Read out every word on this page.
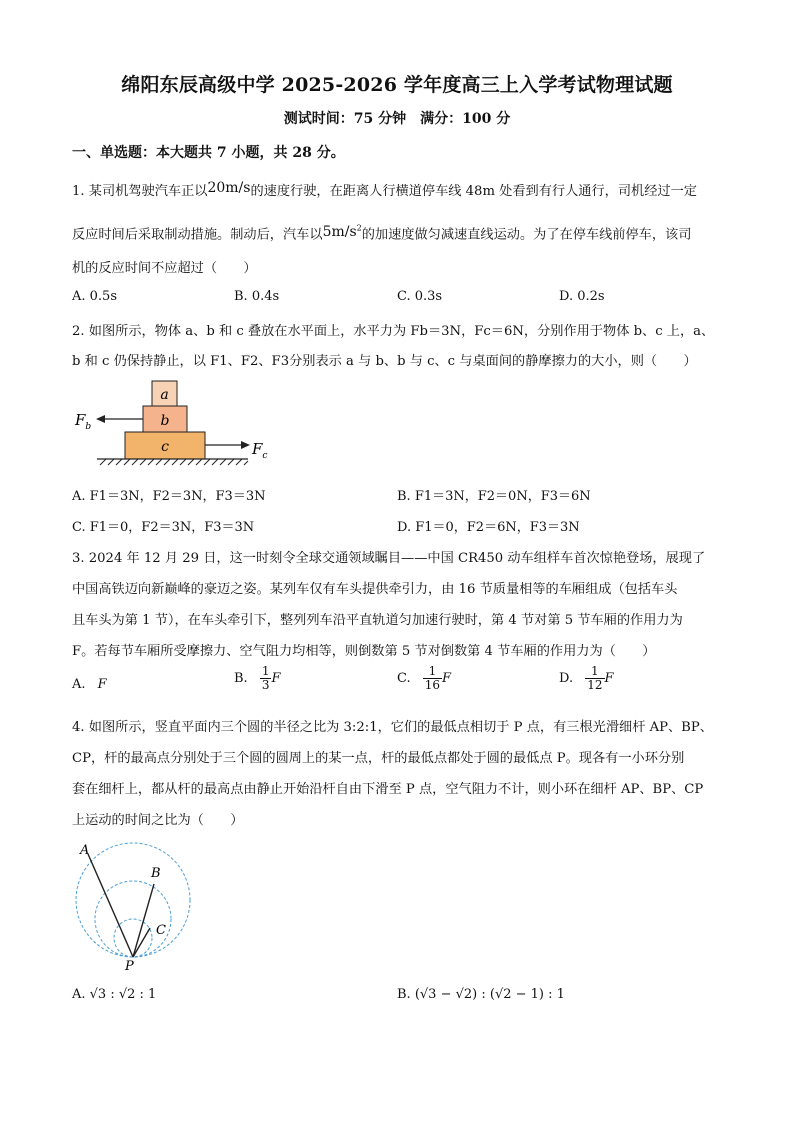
绵阳东辰高级中学 2025-2026 学年度高三上入学考试物理试题
测试时间：75 分钟　满分：100 分
一、单选题：本大题共 7 小题，共 28 分。
1. 某司机驾驶汽车正以20m/s的速度行驶，在距离人行横道停车线 48m 处看到有行人通行，司机经过一定
反应时间后采取制动措施。制动后，汽车以$5m/s^2$的加速度做匀减速直线运动。为了在停车线前停车，该司
机的反应时间不应超过（　　）
A. 0.5s	B. 0.4s	C. 0.3s	D. 0.2s
2. 如图所示，物体 a、b 和 c 叠放在水平面上，水平力为 Fb＝3N，Fc＝6N，分别作用于物体 b、c 上，a、
b 和 c 仍保持静止，以 F1、F2、F3分别表示 a 与 b、b 与 c、c 与桌面间的静摩擦力的大小，则（　　）
a
b
c
$F_b$
$F_c$
A. F1＝3N，F2＝3N，F3＝3N	B. F1＝3N，F2＝0N，F3＝6N
C. F1＝0，F2＝3N，F3＝3N	D. F1＝0，F2＝6N，F3＝3N
3. 2024 年 12 月 29 日，这一时刻令全球交通领域瞩目——中国 CR450 动车组样车首次惊艳登场，展现了
中国高铁迈向新巅峰的豪迈之姿。某列车仅有车头提供牵引力，由 16 节质量相等的车厢组成（包括车头
且车头为第 1 节），在车头牵引下，整列列车沿平直轨道匀加速行驶时，第 4 节对第 5 节车厢的作用力为
F。若每节车厢所受摩擦力、空气阻力均相等，则倒数第 5 节对倒数第 4 节车厢的作用力为（　　）
A. F	B. $\frac{1}{3}$ F	C. $\frac{1}{16}$ F	D. $\frac{1}{12}$ F
4. 如图所示，竖直平面内三个圆的半径之比为 3:2:1，它们的最低点相切于 P 点，有三根光滑细杆 AP、BP、
CP，杆的最高点分别处于三个圆的圆周上的某一点，杆的最低点都处于圆的最低点 P。现各有一小环分别
套在细杆上，都从杆的最高点由静止开始沿杆自由下滑至 P 点，空气阻力不计，则小环在细杆 AP、BP、CP
上运动的时间之比为（　　）
A
B
C
P
A. √3 : √2 : 1	B. (√3 − √2) : (√2 − 1) : 1
